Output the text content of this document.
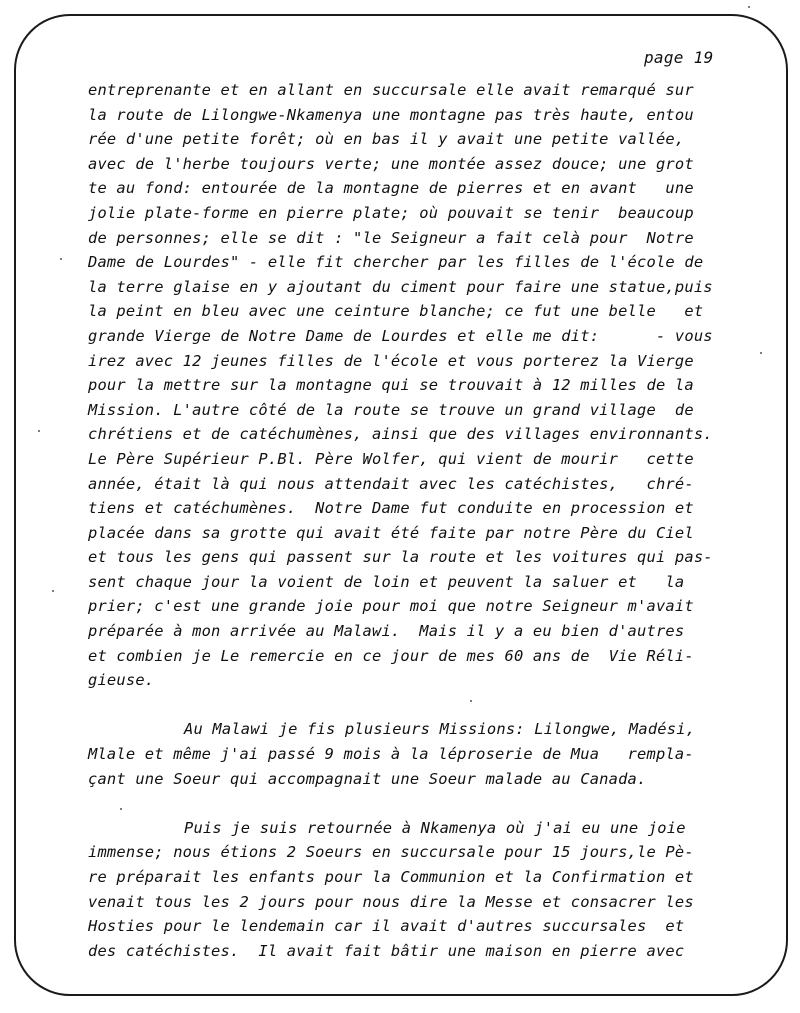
page 19
entreprenante et en allant en succursale elle avait remarqué sur
la route de Lilongwe-Nkamenya une montagne pas très haute, entou
rée d'une petite forêt; où en bas il y avait une petite vallée,
avec de l'herbe toujours verte; une montée assez douce; une grot
te au fond: entourée de la montagne de pierres et en avant   une
jolie plate-forme en pierre plate; où pouvait se tenir  beaucoup
de personnes; elle se dit : "le Seigneur a fait celà pour  Notre
Dame de Lourdes" - elle fit chercher par les filles de l'école de
la terre glaise en y ajoutant du ciment pour faire une statue,puis
la peint en bleu avec une ceinture blanche; ce fut une belle   et
grande Vierge de Notre Dame de Lourdes et elle me dit:      - vous
irez avec 12 jeunes filles de l'école et vous porterez la Vierge
pour la mettre sur la montagne qui se trouvait à 12 milles de la
Mission. L'autre côté de la route se trouve un grand village  de
chrétiens et de catéchumènes, ainsi que des villages environnants.
Le Père Supérieur P.Bl. Père Wolfer, qui vient de mourir   cette
année, était là qui nous attendait avec les catéchistes,   chré-
tiens et catéchumènes.  Notre Dame fut conduite en procession et
placée dans sa grotte qui avait été faite par notre Père du Ciel
et tous les gens qui passent sur la route et les voitures qui pas-
sent chaque jour la voient de loin et peuvent la saluer et   la
prier; c'est une grande joie pour moi que notre Seigneur m'avait
préparée à mon arrivée au Malawi.  Mais il y a eu bien d'autres
et combien je Le remercie en ce jour de mes 60 ans de  Vie Réli-
gieuse.
Au Malawi je fis plusieurs Missions: Lilongwe, Madési,
Mlale et même j'ai passé 9 mois à la léproserie de Mua   rempla-
çant une Soeur qui accompagnait une Soeur malade au Canada.
Puis je suis retournée à Nkamenya où j'ai eu une joie
immense; nous étions 2 Soeurs en succursale pour 15 jours,le Pè-
re préparait les enfants pour la Communion et la Confirmation et
venait tous les 2 jours pour nous dire la Messe et consacrer les
Hosties pour le lendemain car il avait d'autres succursales  et
des catéchistes.  Il avait fait bâtir une maison en pierre avec
